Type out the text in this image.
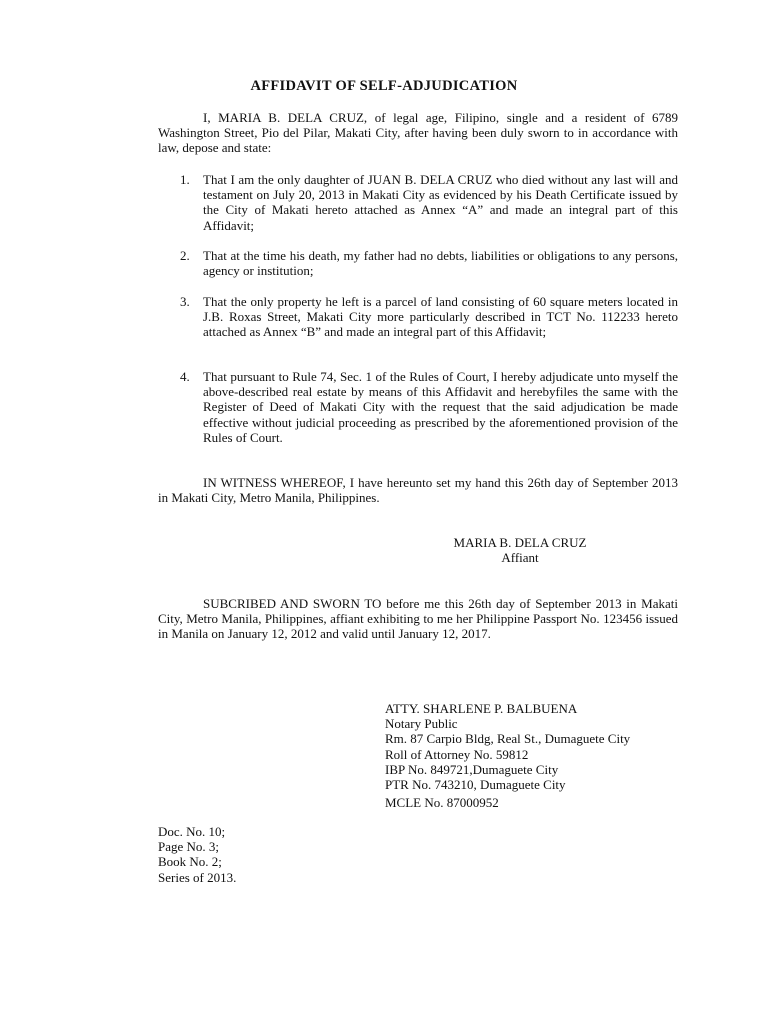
AFFIDAVIT OF SELF-ADJUDICATION
I, MARIA B. DELA CRUZ, of legal age, Filipino, single and a resident of 6789 Washington Street, Pio del Pilar, Makati City, after having been duly sworn to in accordance with law, depose and state:
1. That I am the only daughter of JUAN B. DELA CRUZ who died without any last will and testament on July 20, 2013 in Makati City as evidenced by his Death Certificate issued by the City of Makati hereto attached as Annex “A” and made an integral part of this Affidavit;
2. That at the time his death, my father had no debts, liabilities or obligations to any persons, agency or institution;
3. That the only property he left is a parcel of land consisting of 60 square meters located in J.B. Roxas Street, Makati City more particularly described in TCT No. 112233 hereto attached as Annex “B” and made an integral part of this Affidavit;
4. That pursuant to Rule 74, Sec. 1 of the Rules of Court, I hereby adjudicate unto myself the above-described real estate by means of this Affidavit and herebyfiles the same with the Register of Deed of Makati City with the request that the said adjudication be made effective without judicial proceeding as prescribed by the aforementioned provision of the Rules of Court.
IN WITNESS WHEREOF, I have hereunto set my hand this 26th day of September 2013 in Makati City, Metro Manila, Philippines.
MARIA B. DELA CRUZ
Affiant
SUBCRIBED AND SWORN TO before me this 26th day of September 2013 in Makati City, Metro Manila, Philippines, affiant exhibiting to me her Philippine Passport No. 123456 issued in Manila on January 12, 2012 and valid until January 12, 2017.
ATTY. SHARLENE P. BALBUENA
Notary Public
Rm. 87 Carpio Bldg, Real St., Dumaguete City
Roll of Attorney No. 59812
IBP No. 849721,Dumaguete City
PTR No. 743210, Dumaguete City
MCLE No. 87000952
Doc. No. 10;
Page No. 3;
Book No. 2;
Series of 2013.
